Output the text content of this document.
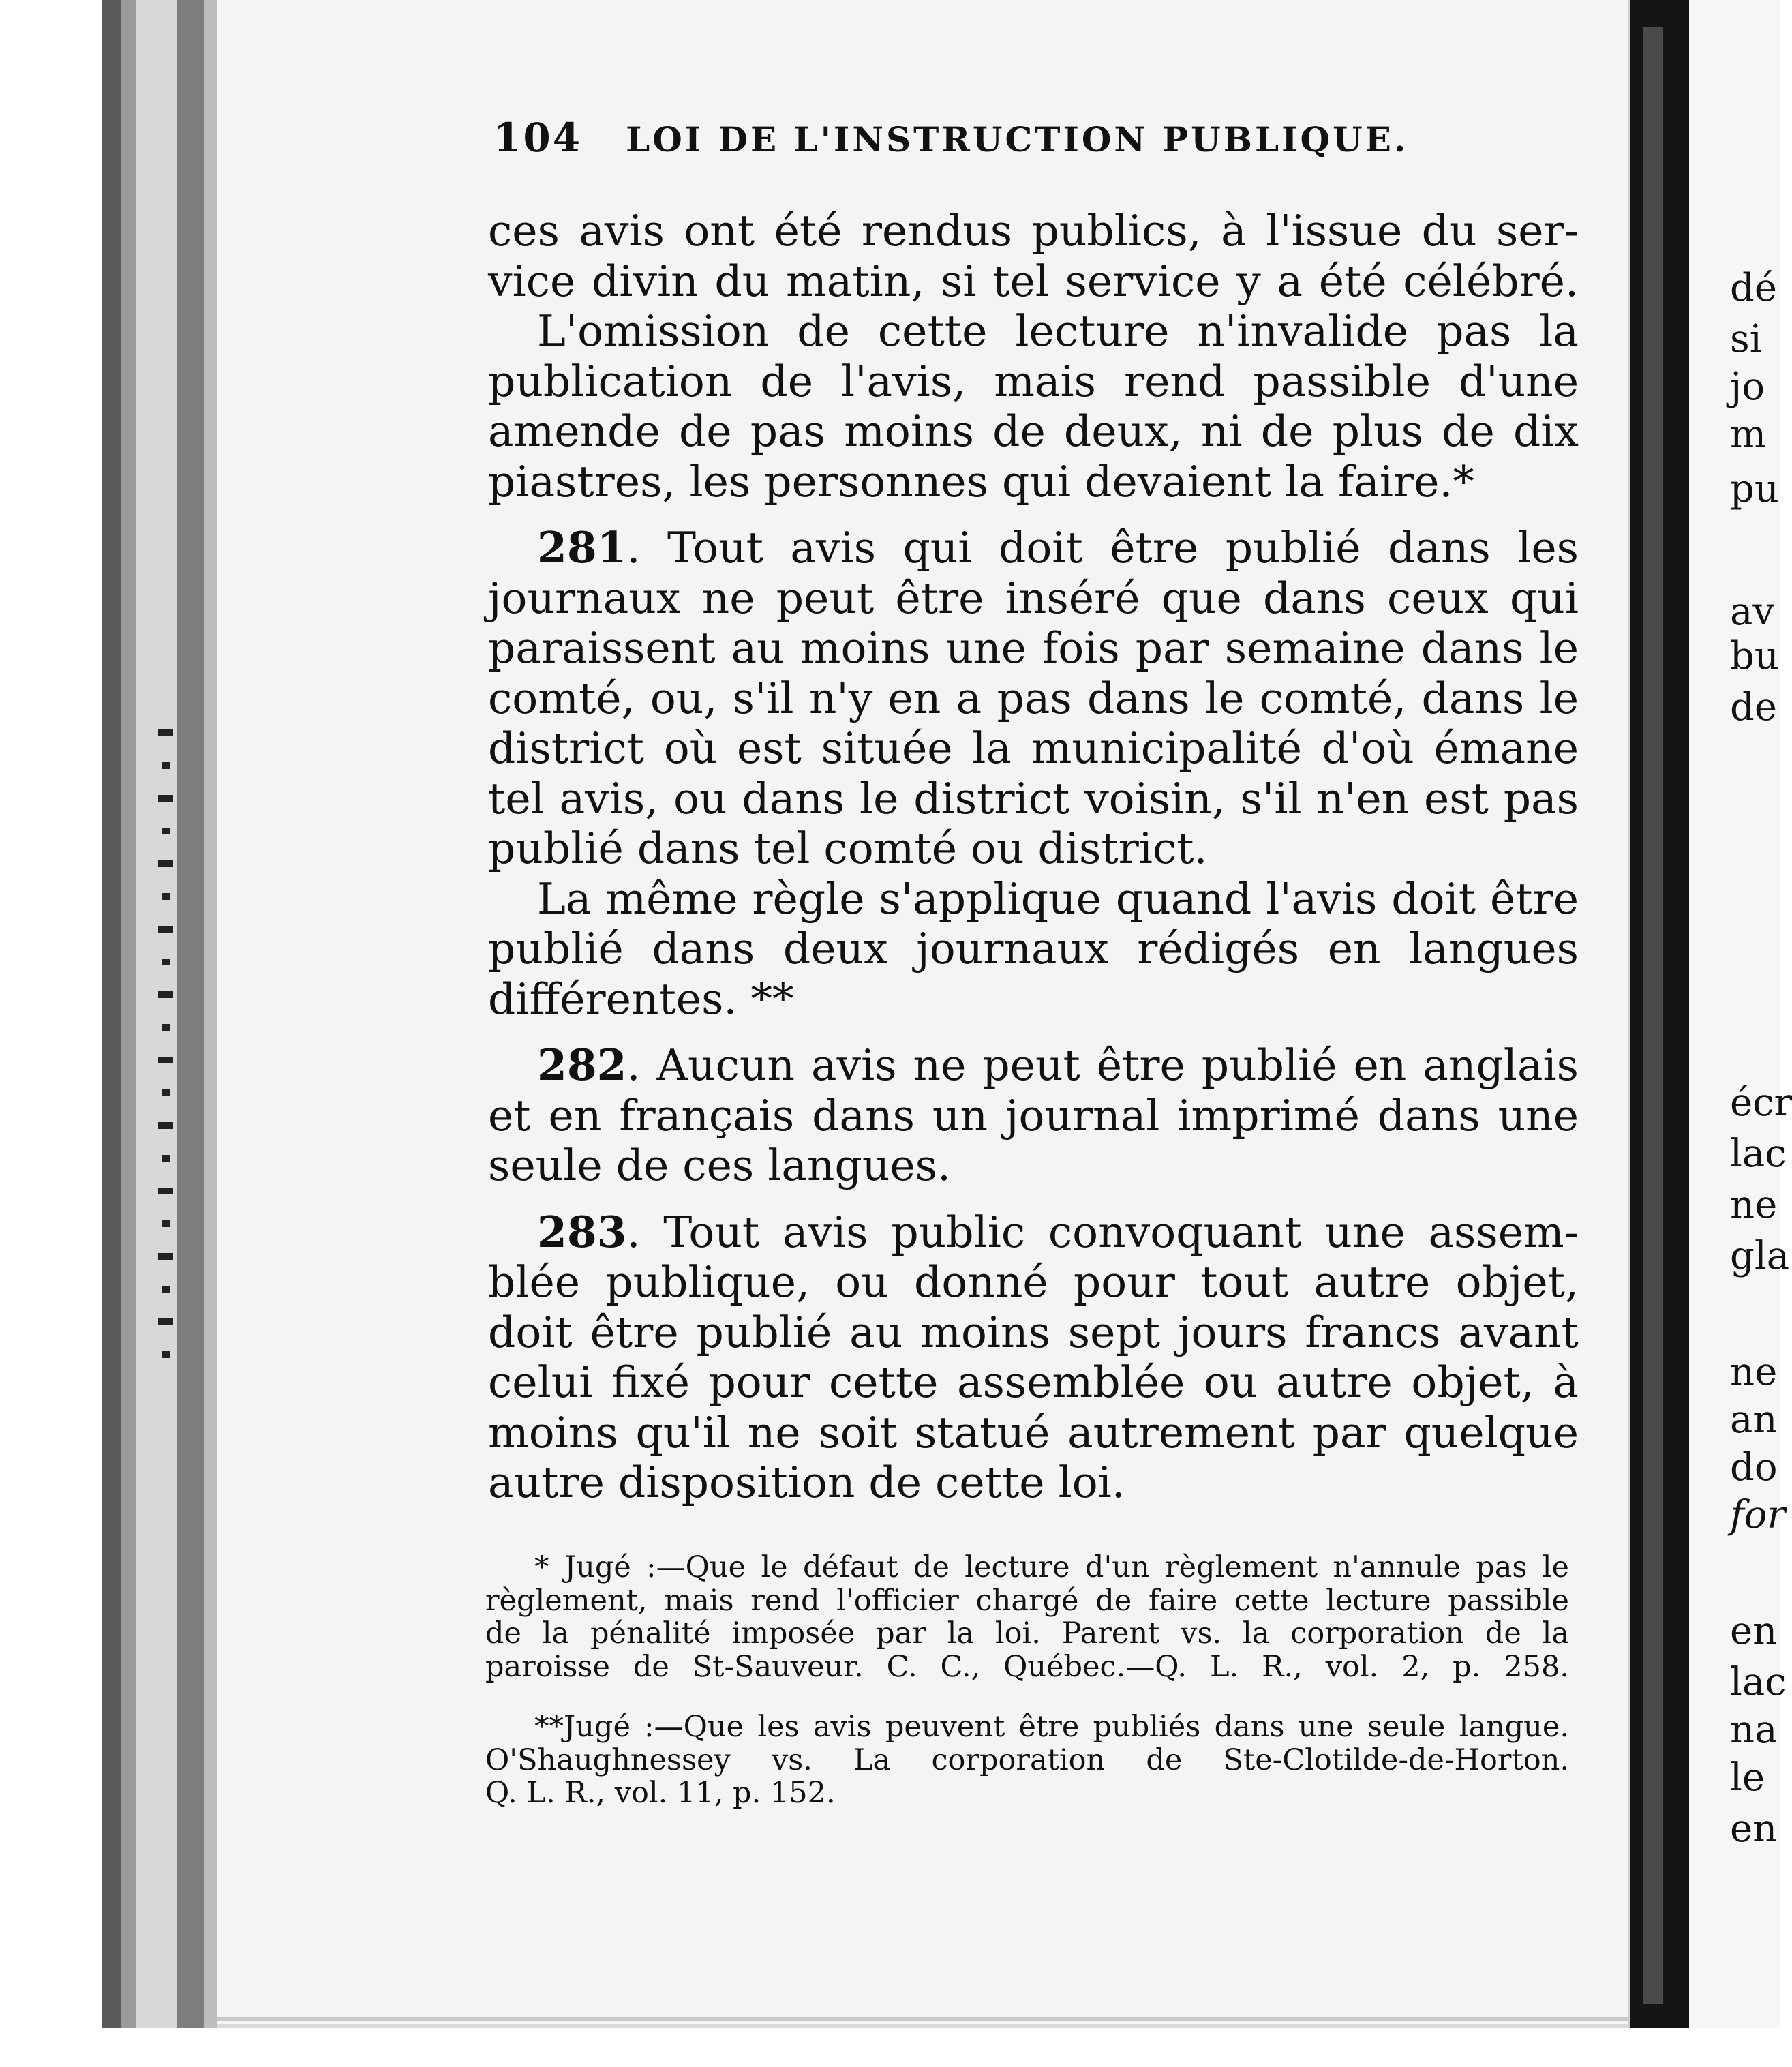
dé
si
jo
m
pu
av
bu
de
écr
lac
ne
gla
ne
an
do
for
en
lac
na
le
en
104 LOI DE L'INSTRUCTION PUBLIQUE.
ces avis ont été rendus publics, à l'issue du ser-
vice divin du matin, si tel service y a été célébré.
L'omission de cette lecture n'invalide pas la
publication de l'avis, mais rend passible d'une
amende de pas moins de deux, ni de plus de dix
piastres, les personnes qui devaient la faire.*
281. Tout avis qui doit être publié dans les
journaux ne peut être inséré que dans ceux qui
paraissent au moins une fois par semaine dans le
comté, ou, s'il n'y en a pas dans le comté, dans le
district où est située la municipalité d'où émane
tel avis, ou dans le district voisin, s'il n'en est pas
publié dans tel comté ou district.
La même règle s'applique quand l'avis doit être
publié dans deux journaux rédigés en langues
différentes. **
282. Aucun avis ne peut être publié en anglais
et en français dans un journal imprimé dans une
seule de ces langues.
283. Tout avis public convoquant une assem-
blée publique, ou donné pour tout autre objet,
doit être publié au moins sept jours francs avant
celui fixé pour cette assemblée ou autre objet, à
moins qu'il ne soit statué autrement par quelque
autre disposition de cette loi.
* Jugé :—Que le défaut de lecture d'un règlement n'annule pas le
règlement, mais rend l'officier chargé de faire cette lecture passible
de la pénalité imposée par la loi. Parent vs. la corporation de la
paroisse de St-Sauveur. C. C., Québec.—Q. L. R., vol. 2, p. 258.
**Jugé :—Que les avis peuvent être publiés dans une seule langue.
O'Shaughnessey vs. La corporation de Ste-Clotilde-de-Horton.
Q. L. R., vol. 11, p. 152.
